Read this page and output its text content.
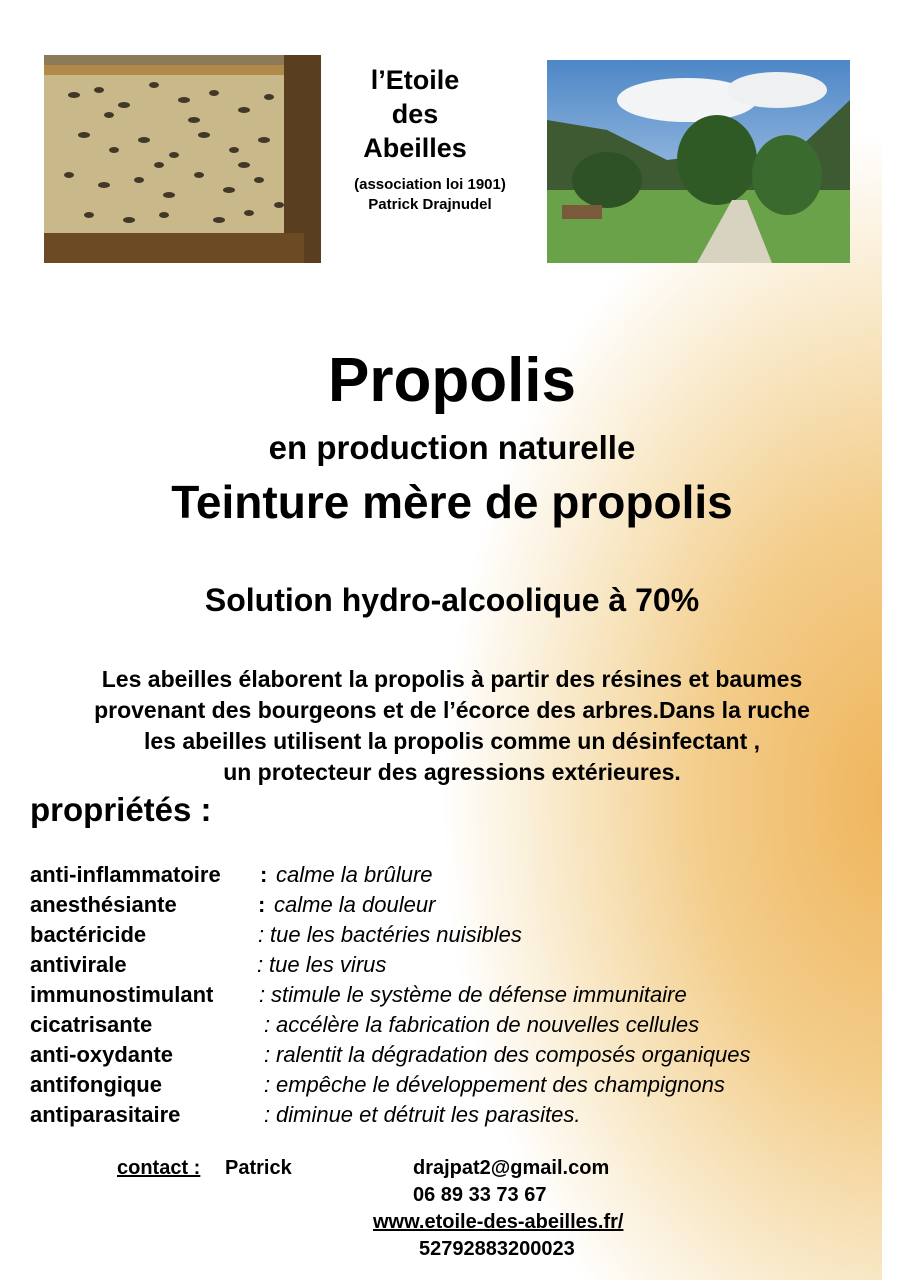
l’Etoile
des
Abeilles
(association loi 1901)
Patrick Drajnudel
Propolis
en production naturelle
Teinture mère de propolis
Solution hydro-alcoolique à 70%
Les abeilles élaborent la propolis à partir des résines et baumes
provenant des bourgeons et de l’écorce des arbres.Dans la ruche
les abeilles utilisent la propolis comme un désinfectant ,
un protecteur des agressions extérieures.
propriétés :
anti-inflammatoire : calme la brûlure
anesthésiante	: calme la douleur
bactéricide	: tue les bactéries nuisibles
antivirale	: tue les virus
immunostimulant : stimule le système de défense immunitaire
cicatrisante	: accélère la fabrication de nouvelles cellules
anti-oxydante	: ralentit la dégradation des composés organiques
antifongique	: empêche le développement des champignons
antiparasitaire	: diminue et détruit les parasites.
contact : Patrick	drajpat2@gmail.com
06 89 33 73 67
www.etoile-des-abeilles.fr/
52792883200023
